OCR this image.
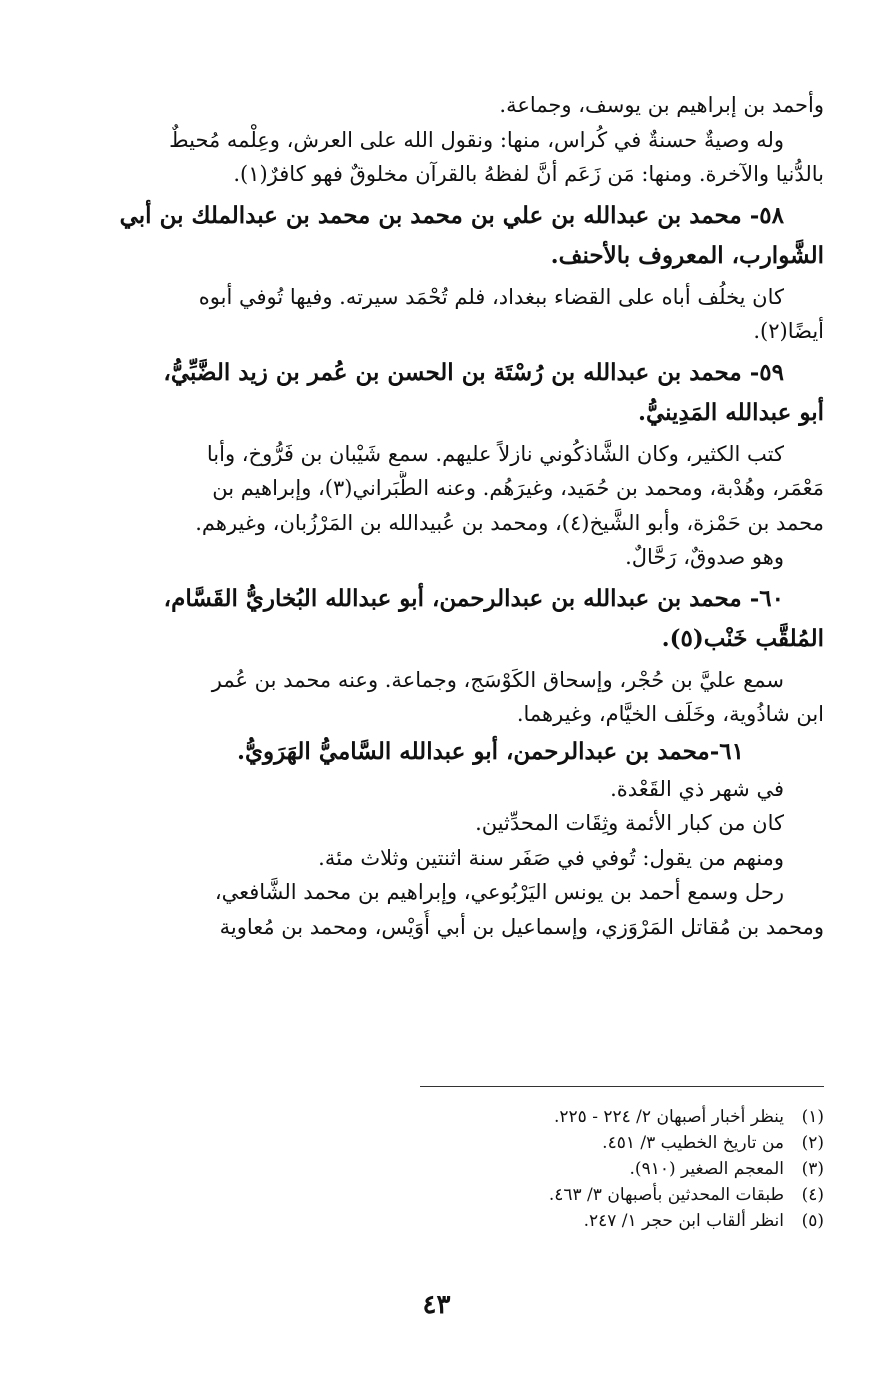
وأحمد بن إبراهيم بن يوسف، وجماعة.
وله وصيةٌ حسنةٌ في كُراس، منها: ونقول الله على العرش، وعِلْمه مُحيطٌ
بالدُّنيا والآخرة. ومنها: مَن زَعَم أنَّ لفظهُ بالقرآن مخلوقٌ فهو كافرٌ(١).
٥٨- محمد بن عبدالله بن علي بن محمد بن محمد بن عبدالملك بن أبي
الشَّوارب، المعروف بالأحنف.
كان يخلُف أباه على القضاء ببغداد، فلم تُحْمَد سيرته. وفيها تُوفي أبوه
أيضًا(٢).
٥٩- محمد بن عبدالله بن رُسْتَة بن الحسن بن عُمر بن زيد الضَّبِّيُّ،
أبو عبدالله المَدِينيُّ.
كتب الكثير، وكان الشَّاذكُوني نازلاً عليهم. سمع شَيْبان بن فَرُّوخ، وأبا
مَعْمَر، وهُدْبة، ومحمد بن حُمَيد، وغيرَهُم. وعنه الطَّبَراني(٣)، وإبراهيم بن
محمد بن حَمْزة، وأبو الشَّيخ(٤)، ومحمد بن عُبيدالله بن المَرْزُبان، وغيرهم.
وهو صدوقٌ، رَحَّالٌ.
٦٠- محمد بن عبدالله بن عبدالرحمن، أبو عبدالله البُخاريُّ القَسَّام،
المُلقَّب خَنْب(٥).
سمع عليَّ بن حُجْر، وإسحاق الكَوْسَج، وجماعة. وعنه محمد بن عُمر
ابن شاذُوية، وخَلَف الخيَّام، وغيرهما.
٦١-محمد بن عبدالرحمن، أبو عبدالله السَّاميُّ الهَرَويُّ.
في شهر ذي القَعْدة.
كان من كبار الأئمة وثِقَات المحدِّثين.
ومنهم من يقول: تُوفي في صَفَر سنة اثنتين وثلاث مئة.
رحل وسمع أحمد بن يونس اليَرْبُوعي، وإبراهيم بن محمد الشَّافعي،
ومحمد بن مُقاتل المَرْوَزي، وإسماعيل بن أبي أُوَيْس، ومحمد بن مُعاوية
(١)ينظر أخبار أصبهان ٢/ ٢٢٤ - ٢٢٥.
(٢)من تاريخ الخطيب ٣/ ٤٥١.
(٣)المعجم الصغير (٩١٠).
(٤)طبقات المحدثين بأصبهان ٣/ ٤٦٣.
(٥)انظر ألقاب ابن حجر ١/ ٢٤٧.
٤٣
